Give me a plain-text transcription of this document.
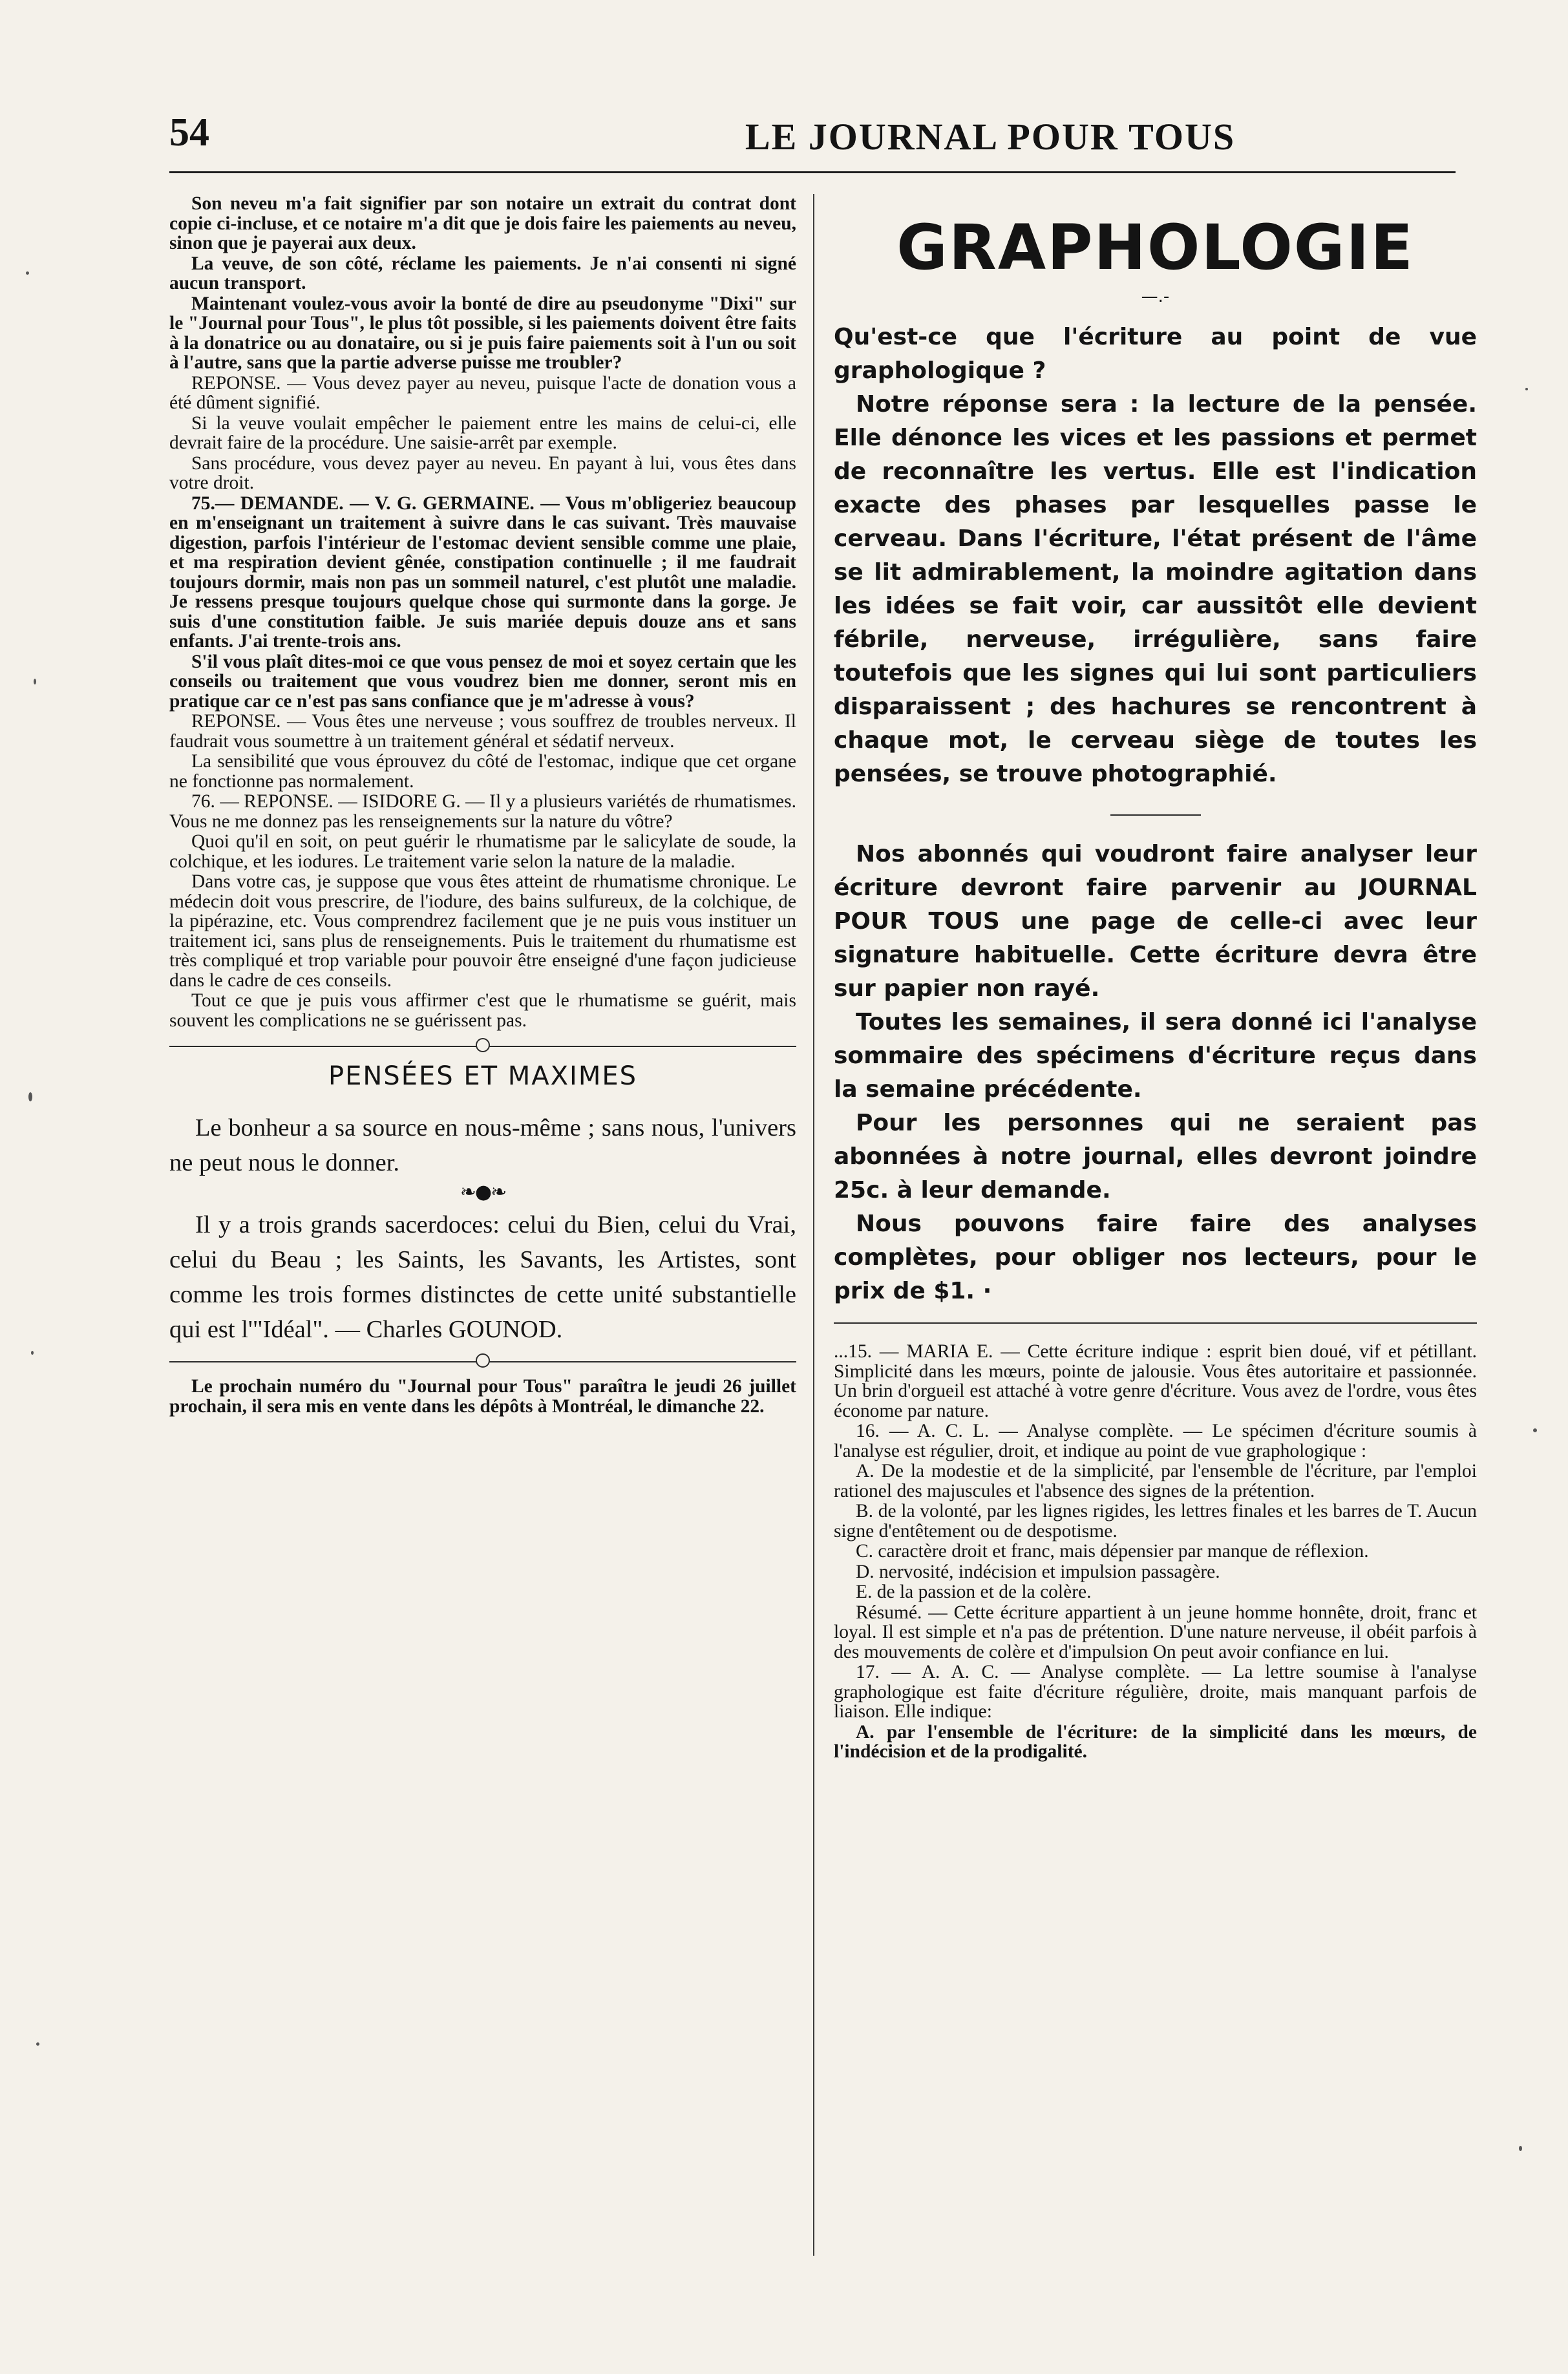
54	LE JOURNAL POUR TOUS

Son neveu m'a fait signifier par son notaire un extrait du contrat dont copie ci-incluse, et ce notaire m'a dit que je dois faire les paiements au neveu, sinon que je payerai aux deux.

La veuve, de son côté, réclame les paiements. Je n'ai consenti ni signé aucun transport.

Maintenant voulez-vous avoir la bonté de dire au pseudonyme "Dixi" sur le "Journal pour Tous", le plus tôt possible, si les paiements doivent être faits à la donatrice ou au donataire, ou si je puis faire paiements soit à l'un ou soit à l'autre, sans que la partie adverse puisse me troubler?

REPONSE. — Vous devez payer au neveu, puisque l'acte de donation vous a été dûment signifié.

Si la veuve voulait empêcher le paiement entre les mains de celui-ci, elle devrait faire de la procédure. Une saisie-arrêt par exemple.

Sans procédure, vous devez payer au neveu. En payant à lui, vous êtes dans votre droit.

75.— DEMANDE. — V. G. GERMAINE. — Vous m'obligeriez beaucoup en m'enseignant un traitement à suivre dans le cas suivant. Très mauvaise digestion, parfois l'intérieur de l'estomac devient sensible comme une plaie, et ma respiration devient gênée, constipation continuelle ; il me faudrait toujours dormir, mais non pas un sommeil naturel, c'est plutôt une maladie. Je ressens presque toujours quelque chose qui surmonte dans la gorge. Je suis d'une constitution faible. Je suis mariée depuis douze ans et sans enfants. J'ai trente-trois ans.

S'il vous plaît dites-moi ce que vous pensez de moi et soyez certain que les conseils ou traitement que vous voudrez bien me donner, seront mis en pratique car ce n'est pas sans confiance que je m'adresse à vous?

REPONSE. — Vous êtes une nerveuse ; vous souffrez de troubles nerveux. Il faudrait vous soumettre à un traitement général et sédatif nerveux.

La sensibilité que vous éprouvez du côté de l'estomac, indique que cet organe ne fonctionne pas normalement.

76. — REPONSE. — ISIDORE G. — Il y a plusieurs variétés de rhumatismes. Vous ne me donnez pas les renseignements sur la nature du vôtre?

Quoi qu'il en soit, on peut guérir le rhumatisme par le salicylate de soude, la colchique, et les iodures. Le traitement varie selon la nature de la maladie.

Dans votre cas, je suppose que vous êtes atteint de rhumatisme chronique. Le médecin doit vous prescrire, de l'iodure, des bains sulfureux, de la colchique, de la pipérazine, etc. Vous comprendrez facilement que je ne puis vous instituer un traitement ici, sans plus de renseignements. Puis le traitement du rhumatisme est très compliqué et trop variable pour pouvoir être enseigné d'une façon judicieuse dans le cadre de ces conseils.

Tout ce que je puis vous affirmer c'est que le rhumatisme se guérit, mais souvent les complications ne se guérissent pas.

PENSÉES ET MAXIMES

Le bonheur a sa source en nous-même ; sans nous, l'univers ne peut nous le donner.

❧●❧

Il y a trois grands sacerdoces: celui du Bien, celui du Vrai, celui du Beau ; les Saints, les Savants, les Artistes, sont comme les trois formes distinctes de cette unité substantielle qui est l'"Idéal". — Charles GOUNOD.

Le prochain numéro du "Journal pour Tous" paraîtra le jeudi 26 juillet prochain, il sera mis en vente dans les dépôts à Montréal, le dimanche 22.

GRAPHOLOGIE
—.-

Qu'est-ce que l'écriture au point de vue graphologique ?

Notre réponse sera : la lecture de la pensée. Elle dénonce les vices et les passions et permet de reconnaître les vertus. Elle est l'indication exacte des phases par lesquelles passe le cerveau. Dans l'écriture, l'état présent de l'âme se lit admirablement, la moindre agitation dans les idées se fait voir, car aussitôt elle devient fébrile, nerveuse, irrégulière, sans faire toutefois que les signes qui lui sont particuliers disparaissent ; des hachures se rencontrent à chaque mot, le cerveau siège de toutes les pensées, se trouve photographié.

Nos abonnés qui voudront faire analyser leur écriture devront faire parvenir au JOURNAL POUR TOUS une page de celle-ci avec leur signature habituelle. Cette écriture devra être sur papier non rayé.

Toutes les semaines, il sera donné ici l'analyse sommaire des spécimens d'écriture reçus dans la semaine précédente.

Pour les personnes qui ne seraient pas abonnées à notre journal, elles devront joindre 25c. à leur demande.

Nous pouvons faire faire des analyses complètes, pour obliger nos lecteurs, pour le prix de $1. ·

...15. — MARIA E. — Cette écriture indique : esprit bien doué, vif et pétillant. Simplicité dans les mœurs, pointe de jalousie. Vous êtes autoritaire et passionnée. Un brin d'orgueil est attaché à votre genre d'écriture. Vous avez de l'ordre, vous êtes économe par nature.

16. — A. C. L. — Analyse complète. — Le spécimen d'écriture soumis à l'analyse est régulier, droit, et indique au point de vue graphologique :

A. De la modestie et de la simplicité, par l'ensemble de l'écriture, par l'emploi rationel des majuscules et l'absence des signes de la prétention.

B. de la volonté, par les lignes rigides, les lettres finales et les barres de T. Aucun signe d'entêtement ou de despotisme.

C. caractère droit et franc, mais dépensier par manque de réflexion.

D. nervosité, indécision et impulsion passagère.

E. de la passion et de la colère.

Résumé. — Cette écriture appartient à un jeune homme honnête, droit, franc et loyal. Il est simple et n'a pas de prétention. D'une nature nerveuse, il obéit parfois à des mouvements de colère et d'impulsion On peut avoir confiance en lui.

17. — A. A. C. — Analyse complète. — La lettre soumise à l'analyse graphologique est faite d'écriture régulière, droite, mais manquant parfois de liaison. Elle indique:

A. par l'ensemble de l'écriture: de la simplicité dans les mœurs, de l'indécision et de la prodigalité.
